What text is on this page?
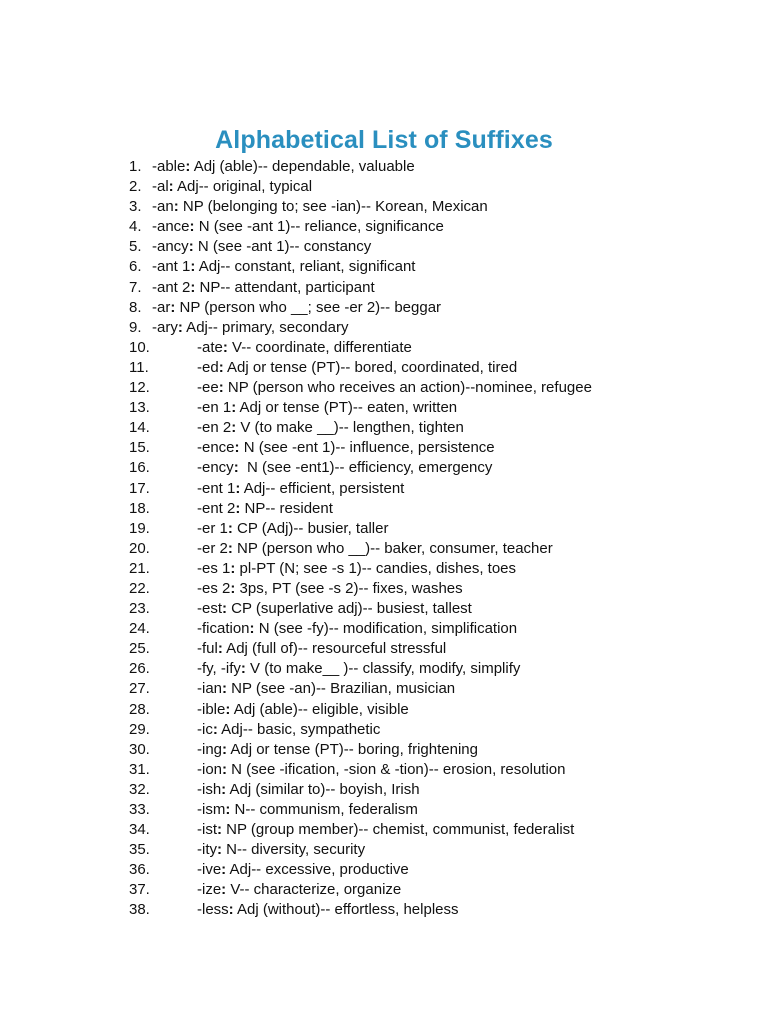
Alphabetical List of Suffixes
1. -able: Adj (able)-- dependable, valuable
2. -al: Adj-- original, typical
3. -an: NP (belonging to; see -ian)-- Korean, Mexican
4. -ance: N (see -ant 1)-- reliance, significance
5. -ancy: N (see -ant 1)-- constancy
6. -ant 1: Adj-- constant, reliant, significant
7. -ant 2: NP-- attendant, participant
8. -ar: NP (person who __; see -er 2)-- beggar
9. -ary: Adj-- primary, secondary
10.	-ate: V-- coordinate, differentiate
11.	-ed: Adj or tense (PT)-- bored, coordinated, tired
12.	-ee: NP (person who receives an action)--nominee, refugee
13.	-en 1: Adj or tense (PT)-- eaten, written
14.	-en 2: V (to make __)-- lengthen, tighten
15.	-ence: N (see -ent 1)-- influence, persistence
16.	-ency:  N (see -ent1)-- efficiency, emergency
17.	-ent 1: Adj-- efficient, persistent
18.	-ent 2: NP-- resident
19.	-er 1: CP (Adj)-- busier, taller
20.	-er 2: NP (person who __)-- baker, consumer, teacher
21.	-es 1: pl-PT (N; see -s 1)-- candies, dishes, toes
22.	-es 2: 3ps, PT (see -s 2)-- fixes, washes
23.	-est: CP (superlative adj)-- busiest, tallest
24.	-fication: N (see -fy)-- modification, simplification
25.	-ful: Adj (full of)-- resourceful stressful
26.	-fy, -ify: V (to make__ )-- classify, modify, simplify
27.	-ian: NP (see -an)-- Brazilian, musician
28.	-ible: Adj (able)-- eligible, visible
29.	-ic: Adj-- basic, sympathetic
30.	-ing: Adj or tense (PT)-- boring, frightening
31.	-ion: N (see -ification, -sion & -tion)-- erosion, resolution
32.	-ish: Adj (similar to)-- boyish, Irish
33.	-ism: N-- communism, federalism
34.	-ist: NP (group member)-- chemist, communist, federalist
35.	-ity: N-- diversity, security
36.	-ive: Adj-- excessive, productive
37.	-ize: V-- characterize, organize
38.	-less: Adj (without)-- effortless, helpless
